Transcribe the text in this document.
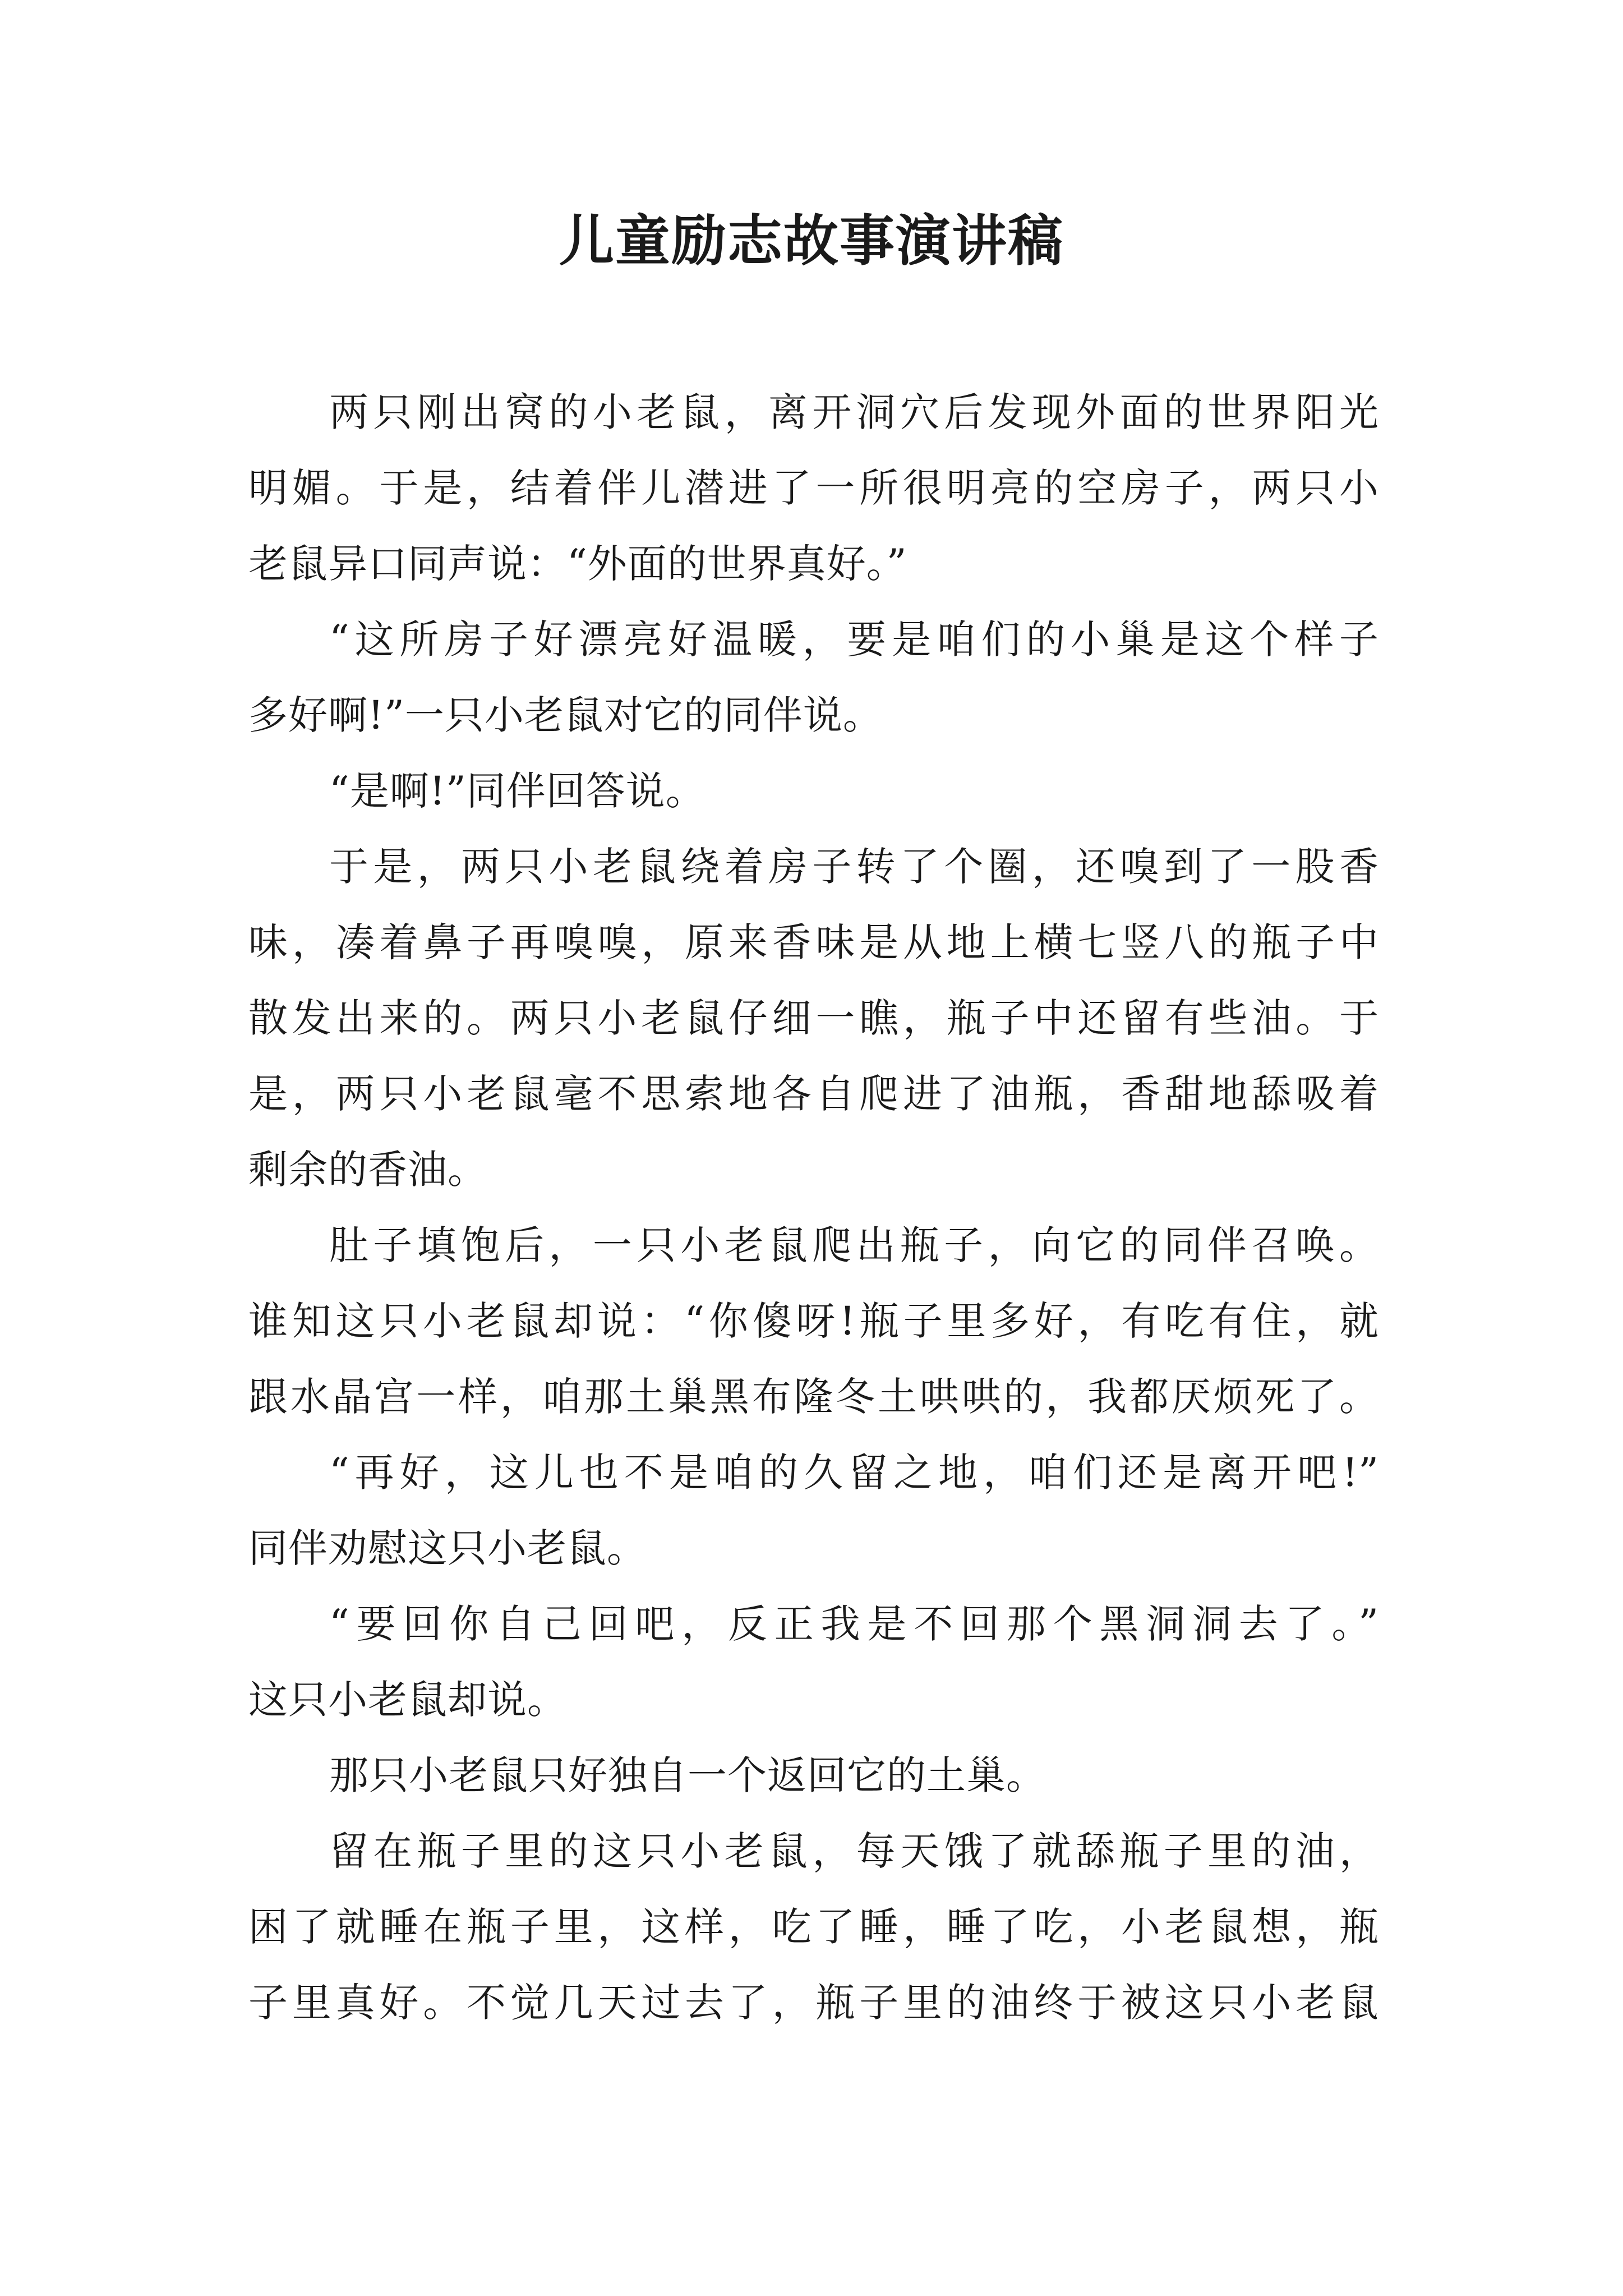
儿童励志故事演讲稿
两只刚出窝的小老鼠，离开洞穴后发现外面的世界阳光
明媚。于是，结着伴儿潜进了一所很明亮的空房子，两只小
老鼠异口同声说：“外面的世界真好。”
“这所房子好漂亮好温暖，要是咱们的小巢是这个样子
多好啊!”一只小老鼠对它的同伴说。
“是啊!”同伴回答说。
于是，两只小老鼠绕着房子转了个圈，还嗅到了一股香
味，凑着鼻子再嗅嗅，原来香味是从地上横七竖八的瓶子中
散发出来的。两只小老鼠仔细一瞧，瓶子中还留有些油。于
是，两只小老鼠毫不思索地各自爬进了油瓶，香甜地舔吸着
剩余的香油。
肚子填饱后，一只小老鼠爬出瓶子，向它的同伴召唤。
谁知这只小老鼠却说：“你傻呀!瓶子里多好，有吃有住，就
跟水晶宫一样，咱那土巢黑布隆冬土哄哄的，我都厌烦死了。
“再好，这儿也不是咱的久留之地，咱们还是离开吧!”
同伴劝慰这只小老鼠。
“要回你自己回吧，反正我是不回那个黑洞洞去了。”
这只小老鼠却说。
那只小老鼠只好独自一个返回它的土巢。
留在瓶子里的这只小老鼠，每天饿了就舔瓶子里的油，
困了就睡在瓶子里，这样，吃了睡，睡了吃，小老鼠想，瓶
子里真好。不觉几天过去了，瓶子里的油终于被这只小老鼠
